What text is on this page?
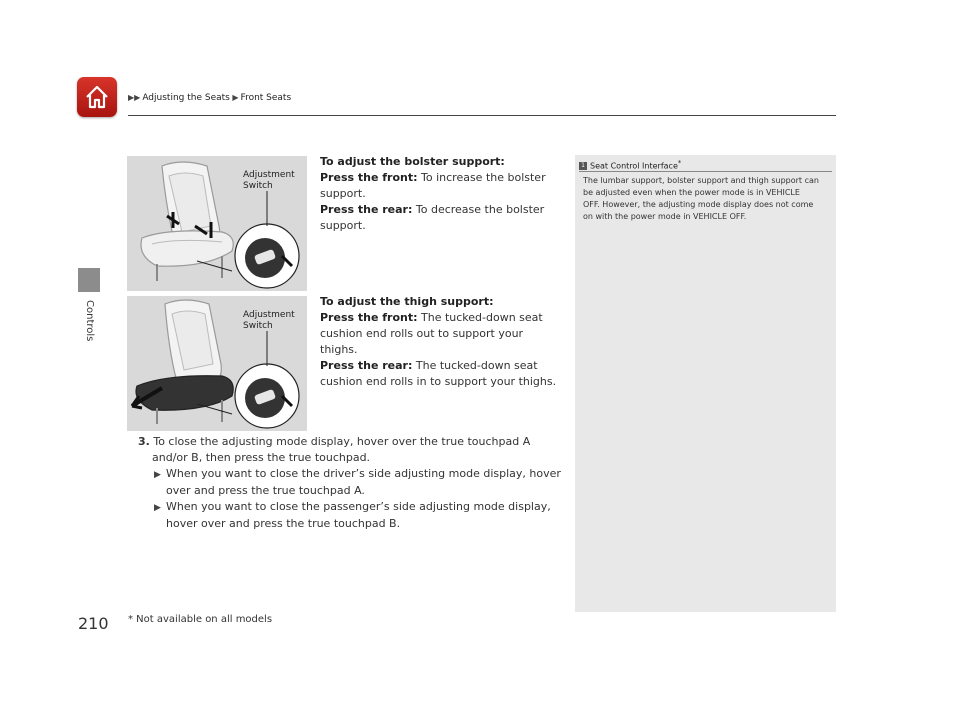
▶▶ Adjusting the Seats ▶ Front Seats
Controls
Adjustment
Switch
Adjustment
Switch
To adjust the bolster support:
Press the front: To increase the bolster support.
Press the rear: To decrease the bolster support.
To adjust the thigh support:
Press the front: The tucked-down seat cushion end rolls out to support your thighs.
Press the rear: The tucked-down seat cushion end rolls in to support your thighs.

3. To close the adjusting mode display, hover over the true touchpad A and/or B, then press the true touchpad.

▶ When you want to close the driver’s side adjusting mode display, hover over and press the true touchpad A.

▶ When you want to close the passenger’s side adjusting mode display, hover over and press the true touchpad B.

1 Seat Control Interface*
The lumbar support, bolster support and thigh support can be adjusted even when the power mode is in VEHICLE OFF. However, the adjusting mode display does not come on with the power mode in VEHICLE OFF.
210 * Not available on all models
